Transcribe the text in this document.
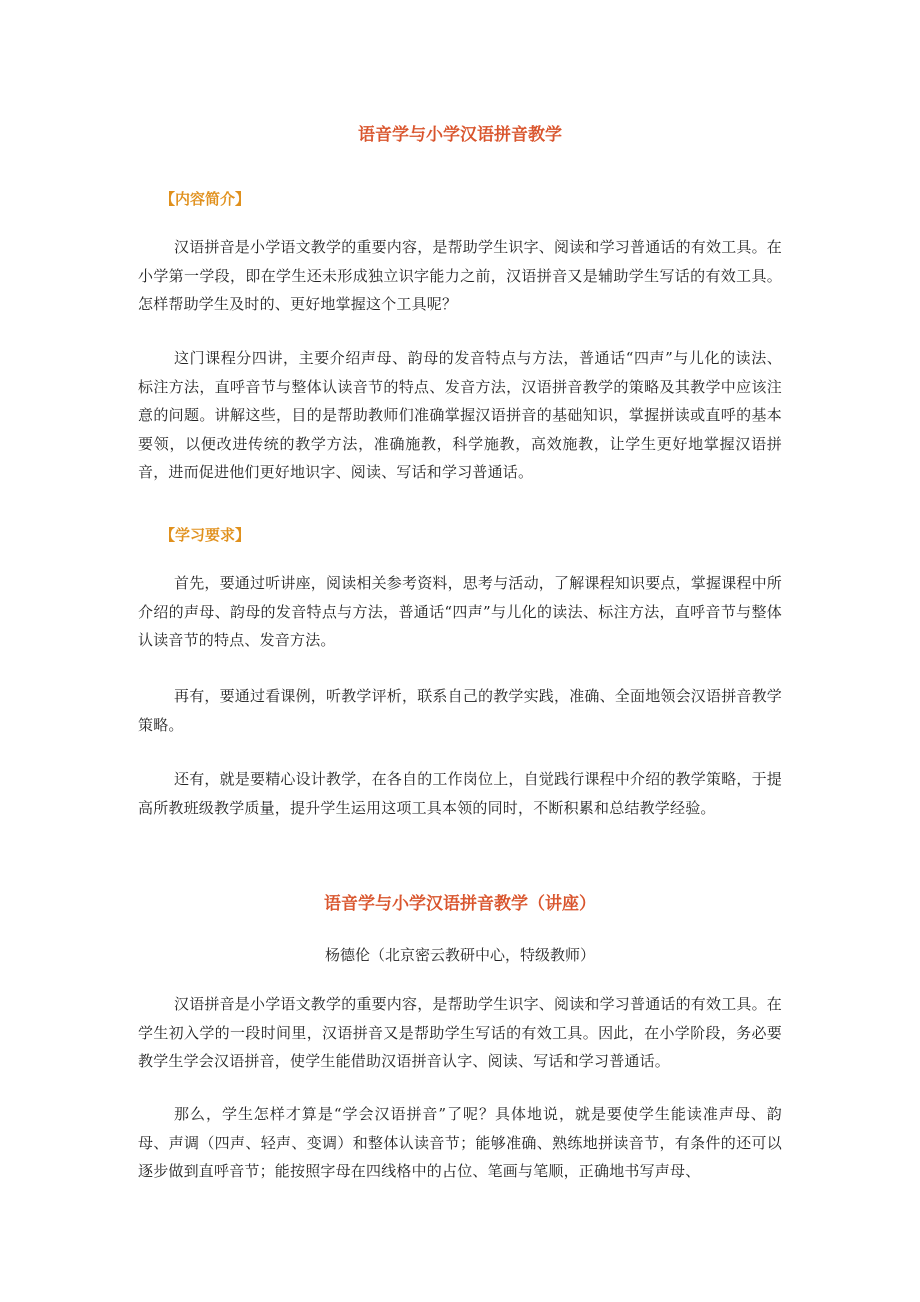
语音学与小学汉语拼音教学
【内容简介】

汉语拼音是小学语文教学的重要内容，是帮助学生识字、阅读和学习普通话的有效工具。在小学第一学段，即在学生还未形成独立识字能力之前，汉语拼音又是辅助学生写话的有效工具。怎样帮助学生及时的、更好地掌握这个工具呢？

这门课程分四讲，主要介绍声母、韵母的发音特点与方法，普通话“四声”与儿化的读法、标注方法，直呼音节与整体认读音节的特点、发音方法，汉语拼音教学的策略及其教学中应该注意的问题。讲解这些，目的是帮助教师们准确掌握汉语拼音的基础知识，掌握拼读或直呼的基本要领，以便改进传统的教学方法，准确施教，科学施教，高效施教，让学生更好地掌握汉语拼音，进而促进他们更好地识字、阅读、写话和学习普通话。

【学习要求】

首先，要通过听讲座，阅读相关参考资料，思考与活动，了解课程知识要点，掌握课程中所介绍的声母、韵母的发音特点与方法，普通话“四声”与儿化的读法、标注方法，直呼音节与整体认读音节的特点、发音方法。

再有，要通过看课例，听教学评析，联系自己的教学实践，准确、全面地领会汉语拼音教学策略。

还有，就是要精心设计教学，在各自的工作岗位上，自觉践行课程中介绍的教学策略，于提高所教班级教学质量，提升学生运用这项工具本领的同时，不断积累和总结教学经验。

语音学与小学汉语拼音教学（讲座）

杨德伦（北京密云教研中心，特级教师）

汉语拼音是小学语文教学的重要内容，是帮助学生识字、阅读和学习普通话的有效工具。在学生初入学的一段时间里，汉语拼音又是帮助学生写话的有效工具。因此，在小学阶段，务必要教学生学会汉语拼音，使学生能借助汉语拼音认字、阅读、写话和学习普通话。

那么，学生怎样才算是“学会汉语拼音”了呢？具体地说，就是要使学生能读准声母、韵母、声调（四声、轻声、变调）和整体认读音节；能够准确、熟练地拼读音节，有条件的还可以逐步做到直呼音节；能按照字母在四线格中的占位、笔画与笔顺，正确地书写声母、
